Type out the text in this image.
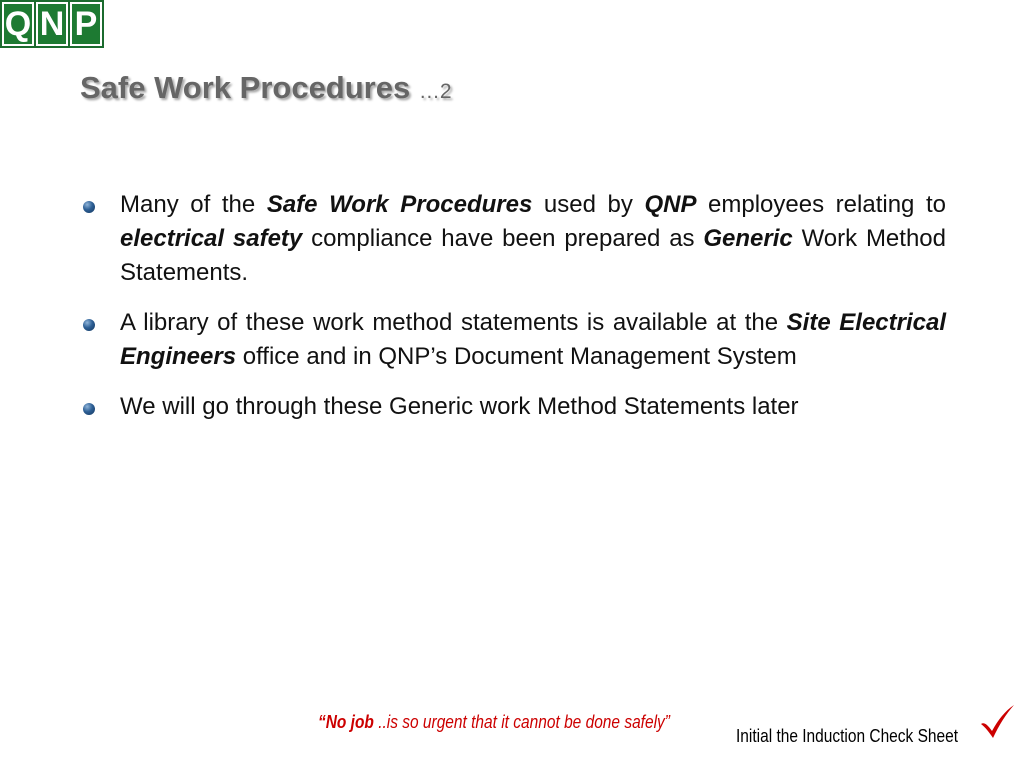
Q N P
Safe Work Procedures …2
Many of the Safe Work Procedures used by QNP employees relating to electrical safety compliance have been prepared as Generic Work Method Statements.
A library of these work method statements is available at the Site Electrical Engineers office and in QNP’s Document Management System
We will go through these Generic work Method Statements later
“No job ..is so urgent that it cannot be done safely”
Initial the Induction Check Sheet
